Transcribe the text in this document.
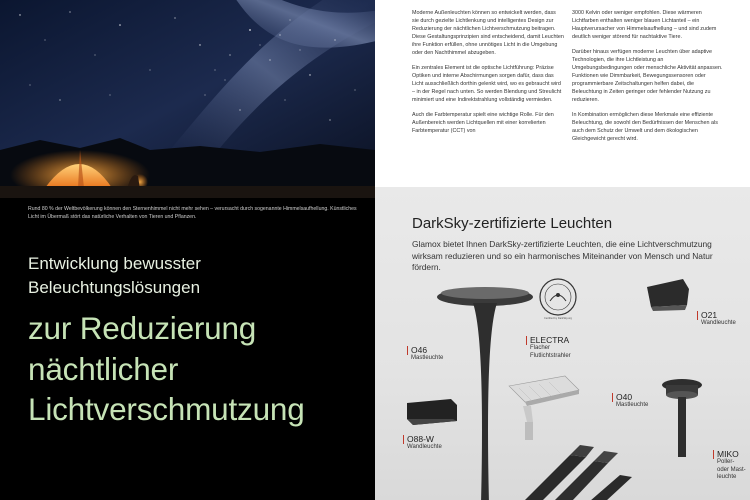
Rund 80 % der Weltbevölkerung können den Sternenhimmel nicht mehr sehen – verursacht durch sogenannte Himmelsaufhellung. Künstliches Licht im Übermaß stört das natürliche Verhalten von Tieren und Pflanzen.

Entwicklung bewusster Beleuchtungslösungen
zur Reduzierung nächtlicher Lichtverschmutzung

Moderne Außenleuchten können so entwickelt werden, dass sie durch gezielte Lichtlenkung und intelligentes Design zur Reduzierung der nächtlichen Lichtverschmutzung beitragen. Diese Gestaltungsprinzipien sind entscheidend, damit Leuchten ihre Funktion erfüllen, ohne unnötiges Licht in die Umgebung oder den Nachthimmel abzugeben.

Ein zentrales Element ist die optische Lichtführung: Präzise Optiken und interne Abschirmungen sorgen dafür, dass das Licht ausschließlich dorthin gelenkt wird, wo es gebraucht wird – in der Regel nach unten. So werden Blendung und Streulicht minimiert und eine Indirektstrahlung vollständig vermieden.

Auch die Farbtemperatur spielt eine wichtige Rolle. Für den Außenbereich werden Lichtquellen mit einer korrelierten Farbtemperatur (CCT) von

3000 Kelvin oder weniger empfohlen. Diese wärmeren Lichtfarben enthalten weniger blauen Lichtanteil – ein Hauptverursacher von Himmelsaufhellung – und sind zudem deutlich weniger störend für nachtaktive Tiere.

Darüber hinaus verfügen moderne Leuchten über adaptive Technologien, die ihre Lichtleistung an Umgebungsbedingungen oder menschliche Aktivität anpassen. Funktionen wie Dimmbarkeit, Bewegungssensoren oder programmierbare Zeitschaltungen helfen dabei, die Beleuchtung in Zeiten geringer oder fehlender Nutzung zu reduzieren.

In Kombination ermöglichen diese Merkmale eine effiziente Beleuchtung, die sowohl den Bedürfnissen der Menschen als auch dem Schutz der Umwelt und dem ökologischen Gleichgewicht gerecht wird.

DarkSky-zertifizierte Leuchten

Glamox bietet Ihnen DarkSky-zertifizierte Leuchten, die eine Lichtverschmutzung wirksam reduzieren und so ein harmonisches Miteinander von Mensch und Natur fördern.

Certified by DarkSky.org	O21
Wandleuchte
ELECTRA
Flacher Flutlichtstrahler
O46
Mastleuchte
O40
Mastleuchte
O88-W
Wandleuchte
MIKO
Poller- oder Mast-leuchte
